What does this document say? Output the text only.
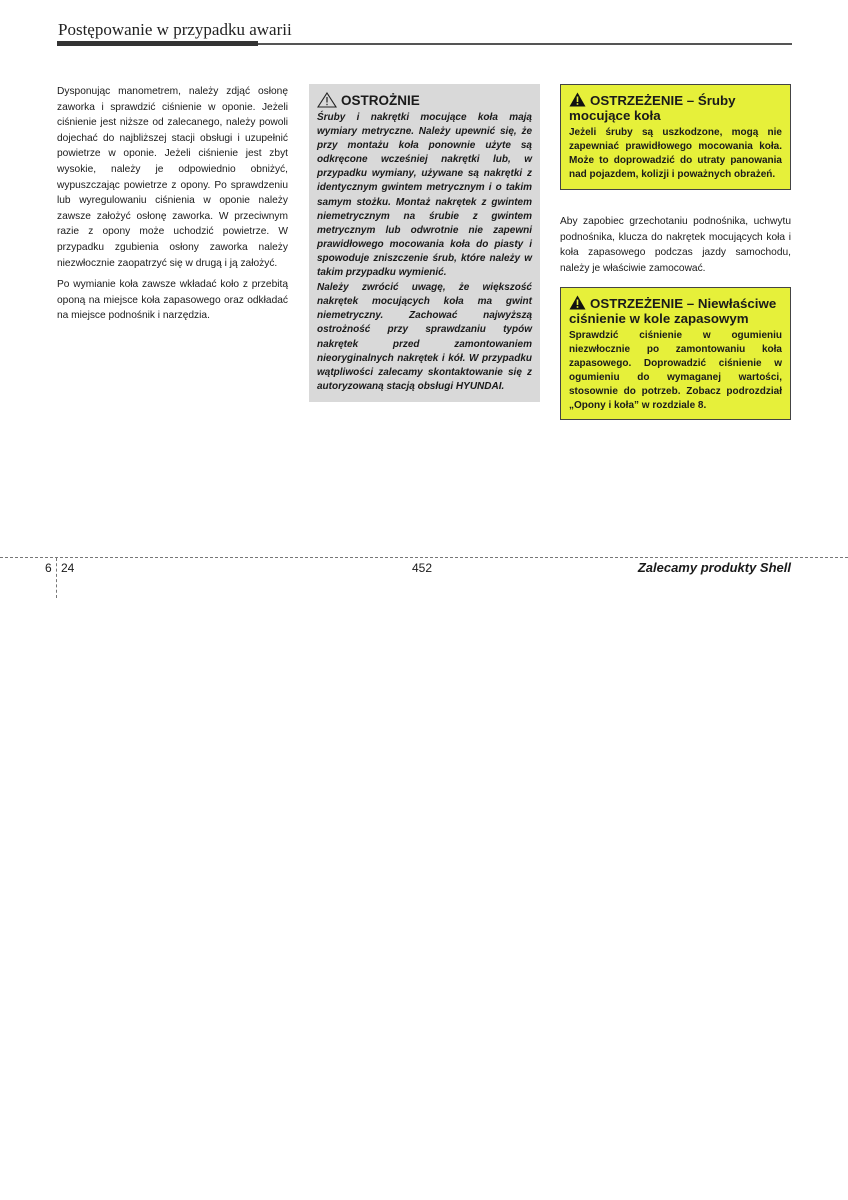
Postępowanie w przypadku awarii

Dysponując manometrem, należy zdjąć osłonę zaworka i sprawdzić ciśnienie w oponie. Jeżeli ciśnienie jest niższe od zalecanego, należy powoli dojechać do najbliższej stacji obsługi i uzupełnić powietrze w oponie. Jeżeli ciśnienie jest zbyt wysokie, należy je odpowiednio obniżyć, wypuszczając powietrze z opony. Po sprawdzeniu lub wyregulowaniu ciśnienia w oponie należy zawsze założyć osłonę zaworka. W przeciwnym razie z opony może uchodzić powietrze. W przypadku zgubienia osłony zaworka należy niezwłocznie zaopatrzyć się w drugą i ją założyć.

Po wymianie koła zawsze wkładać koło z przebitą oponą na miejsce koła zapasowego oraz odkładać na miejsce podnośnik i narzędzia.

OSTROŻNIE

Śruby i nakrętki mocujące koła mają wymiary metryczne. Należy upewnić się, że przy montażu koła ponownie użyte są odkręcone wcześniej nakrętki lub, w przypadku wymiany, używane są nakrętki z identycznym gwintem metrycznym i o takim samym stożku. Montaż nakrętek z gwintem niemetrycznym na śrubie z gwintem metrycznym lub odwrotnie nie zapewni prawidłowego mocowania koła do piasty i spowoduje zniszczenie śrub, które należy w takim przypadku wymienić.

Należy zwrócić uwagę, że większość nakrętek mocujących koła ma gwint niemetryczny. Zachować najwyższą ostrożność przy sprawdzaniu typów nakrętek przed zamontowaniem nieoryginalnych nakrętek i kół. W przypadku wątpliwości zalecamy skontaktowanie się z autoryzowaną stacją obsługi HYUNDAI.

OSTRZEŻENIE – Śruby mocujące koła
Jeżeli śruby są uszkodzone, mogą nie zapewniać prawidłowego mocowania koła. Może to doprowadzić do utraty panowania nad pojazdem, kolizji i poważnych obrażeń.

Aby zapobiec grzechotaniu podnośnika, uchwytu podnośnika, klucza do nakrętek mocujących koła i koła zapasowego podczas jazdy samochodu, należy je właściwie zamocować.

OSTRZEŻENIE – Niewłaściwe ciśnienie w kole zapasowym
Sprawdzić ciśnienie w ogumieniu niezwłocznie po zamontowaniu koła zapasowego. Doprowadzić ciśnienie w ogumieniu do wymaganej wartości, stosownie do potrzeb. Zobacz podrozdział „Opony i koła” w rozdziale 8.
6 24	452	Zalecamy produkty Shell
